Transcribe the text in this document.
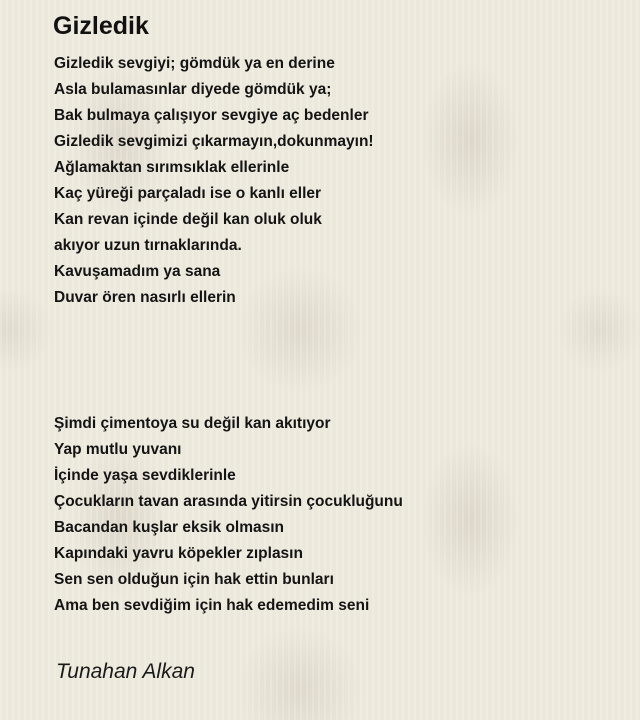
Gizledik
Gizledik sevgiyi; gömdük ya en derine
Asla bulamasınlar diyede gömdük ya;
Bak bulmaya çalışıyor sevgiye aç bedenler
Gizledik sevgimizi çıkarmayın,dokunmayın!
Ağlamaktan sırımsıklak ellerinle
Kaç yüreği parçaladı ise o kanlı eller
Kan revan içinde değil kan oluk oluk
akıyor uzun tırnaklarında.
Kavuşamadım ya sana
Duvar ören nasırlı ellerin
Şimdi çimentoya su değil kan akıtıyor
Yap mutlu yuvanı
İçinde yaşa sevdiklerinle
Çocukların tavan arasında yitirsin çocukluğunu
Bacandan kuşlar eksik olmasın
Kapındaki yavru köpekler zıplasın
Sen sen olduğun için hak ettin bunları
Ama ben sevdiğim için hak edemedim seni
Tunahan Alkan
